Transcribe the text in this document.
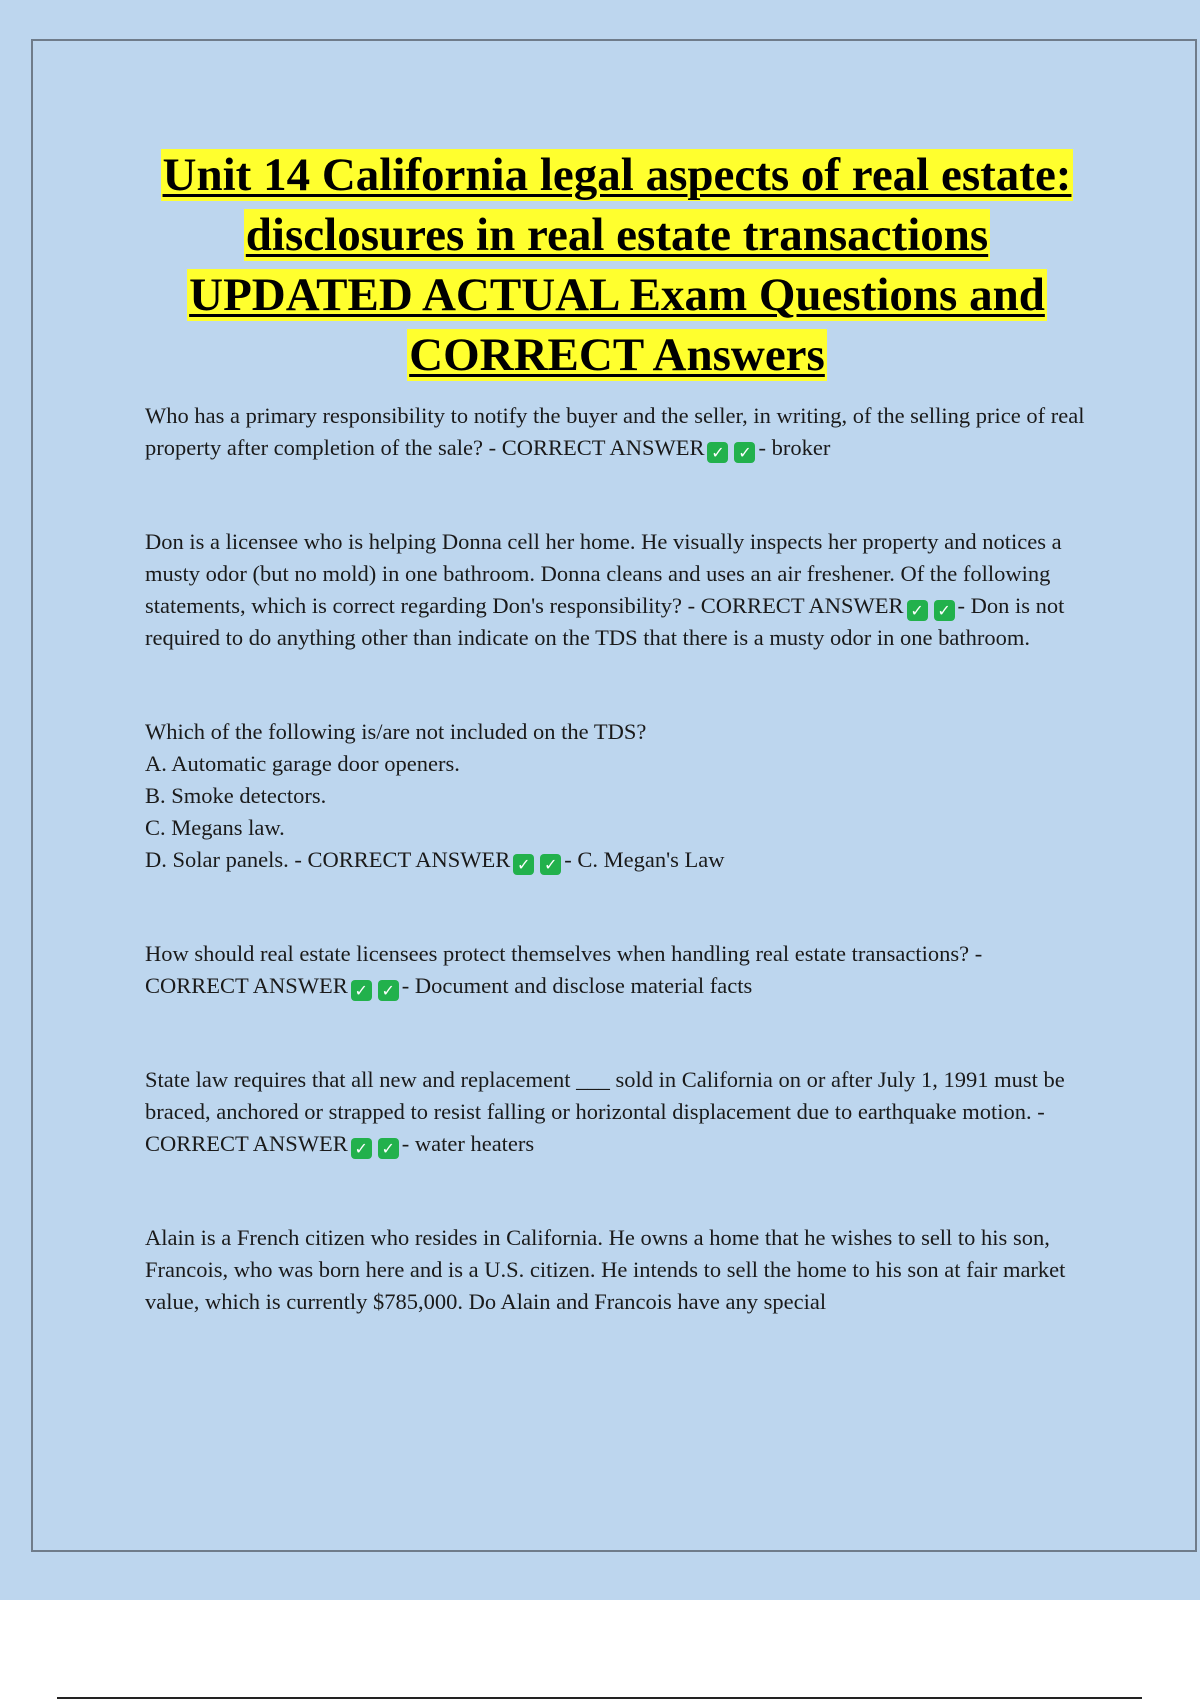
Unit 14 California legal aspects of real estate:
disclosures in real estate transactions
UPDATED ACTUAL Exam Questions and
CORRECT Answers

Who has a primary responsibility to notify the buyer and the seller, in writing, of the selling price of real property after completion of the sale? - CORRECT ANSWER ✓ ✓ - broker

Don is a licensee who is helping Donna cell her home. He visually inspects her property and notices a musty odor (but no mold) in one bathroom. Donna cleans and uses an air freshener. Of the following statements, which is correct regarding Don's responsibility? - CORRECT ANSWER ✓ ✓ - Don is not required to do anything other than indicate on the TDS that there is a musty odor in one bathroom.

Which of the following is/are not included on the TDS?

A. Automatic garage door openers.

B. Smoke detectors.

C. Megans law.

D. Solar panels. - CORRECT ANSWER ✓ ✓ - C. Megan's Law

How should real estate licensees protect themselves when handling real estate transactions? - CORRECT ANSWER ✓ ✓ - Document and disclose material facts

State law requires that all new and replacement ___ sold in California on or after July 1, 1991 must be braced, anchored or strapped to resist falling or horizontal displacement due to earthquake motion. - CORRECT ANSWER ✓ ✓ - water heaters

Alain is a French citizen who resides in California. He owns a home that he wishes to sell to his son, Francois, who was born here and is a U.S. citizen. He intends to sell the home to his son at fair market value, which is currently $785,000. Do Alain and Francois have any special
